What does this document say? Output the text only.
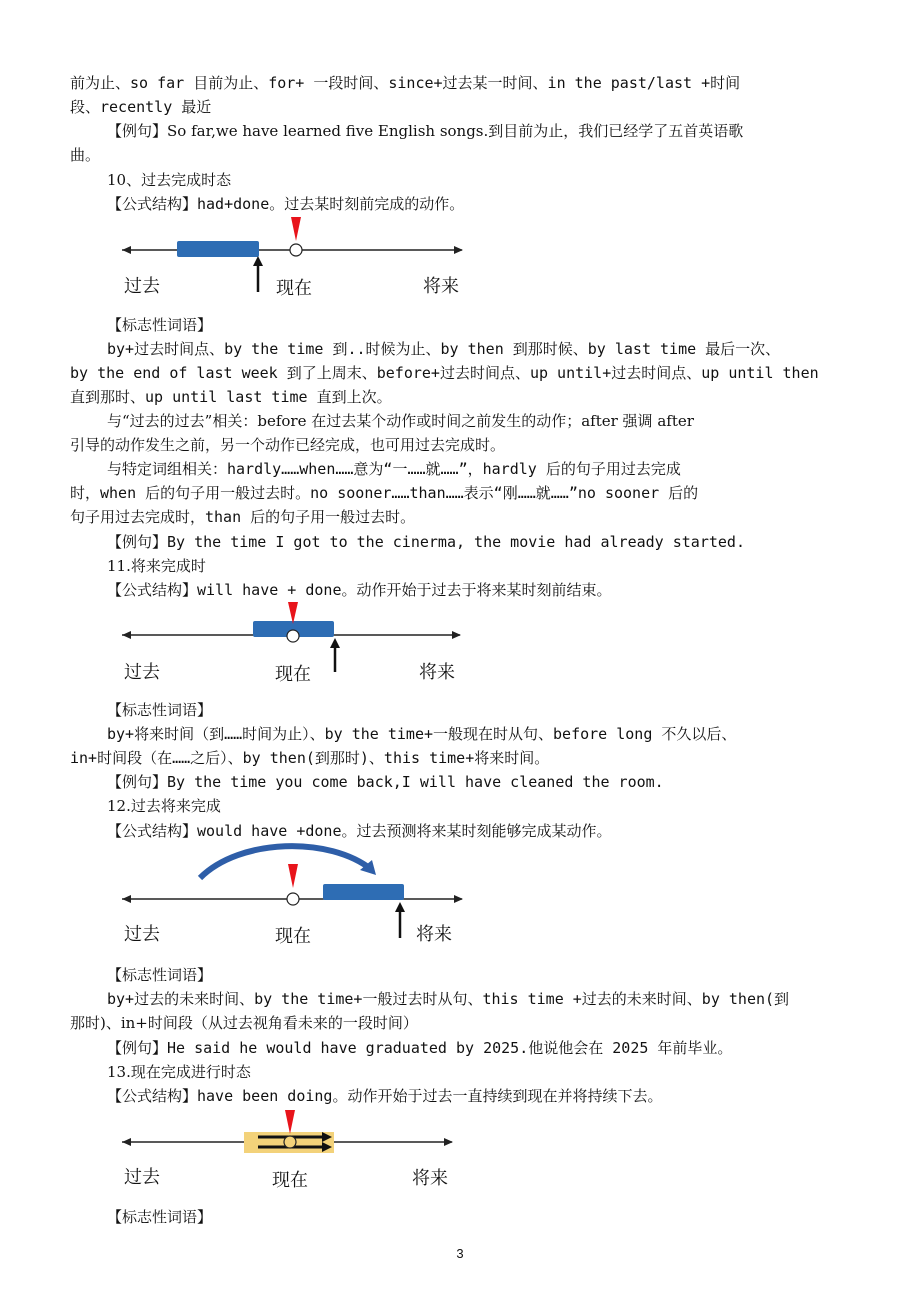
前为止、so far 目前为止、for+ 一段时间、since+过去某一时间、in the past/last +时间
段、recently 最近
【例句】So far,we have learned five English songs.到目前为止，我们已经学了五首英语歌
曲。
10、过去完成时态
【公式结构】had+done。过去某时刻前完成的动作。
过去	现在	将来
【标志性词语】
by+过去时间点、by the time 到..时候为止、by then 到那时候、by last time 最后一次、
by the end of last week 到了上周末、before+过去时间点、up until+过去时间点、up until then
直到那时、up until last time 直到上次。
与“过去的过去”相关：before 在过去某个动作或时间之前发生的动作；after 强调 after
引导的动作发生之前，另一个动作已经完成，也可用过去完成时。
与特定词组相关：hardly……when……意为“一……就……”，hardly 后的句子用过去完成
时，when 后的句子用一般过去时。no sooner……than……表示“刚……就……”no sooner 后的
句子用过去完成时，than 后的句子用一般过去时。
【例句】By the time I got to the cinerma, the movie had already started.
11.将来完成时
【公式结构】will have + done。动作开始于过去于将来某时刻前结束。
过去	现在	将来
【标志性词语】
by+将来时间（到……时间为止）、by the time+一般现在时从句、before long 不久以后、
in+时间段（在……之后）、by then(到那时)、this time+将来时间。
【例句】By the time you come back,I will have cleaned the room.
12.过去将来完成
【公式结构】would have +done。过去预测将来某时刻能够完成某动作。
过去	现在	将来
【标志性词语】
by+过去的未来时间、by the time+一般过去时从句、this time +过去的未来时间、by then(到
那时)、in+时间段（从过去视角看未来的一段时间）
【例句】He said he would have graduated by 2025.他说他会在 2025 年前毕业。
13.现在完成进行时态
【公式结构】have been doing。动作开始于过去一直持续到现在并将持续下去。
过去	现在	将来
【标志性词语】
3
